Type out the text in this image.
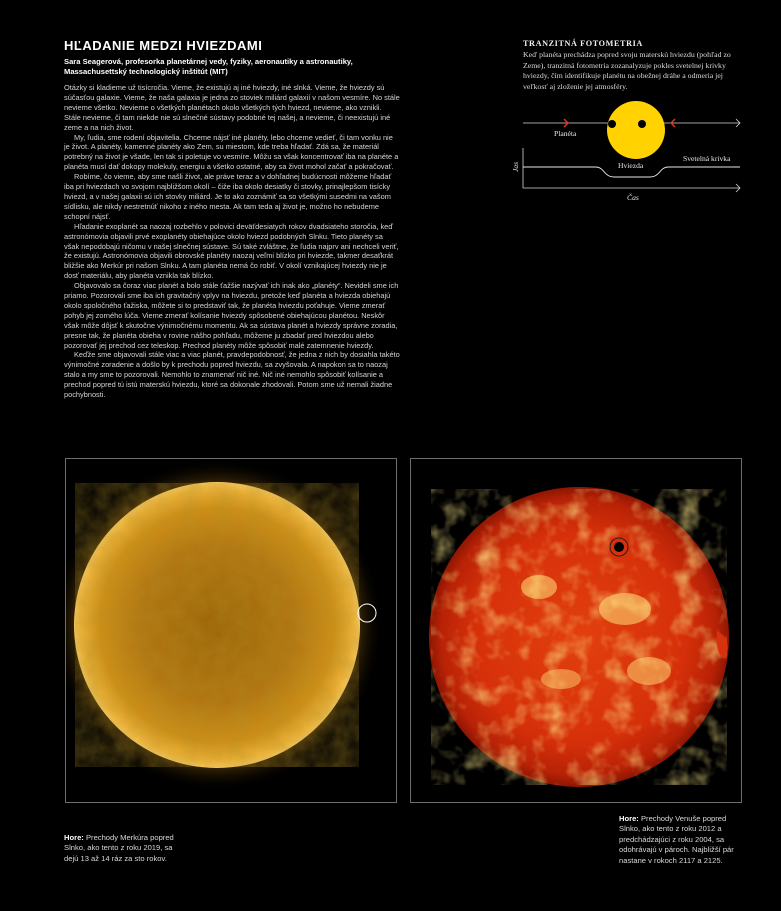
HĽADANIE MEDZI HVIEZDAMI
Sara Seagerová, profesorka planetárnej vedy, fyziky, aeronautiky a astronautiky, Massachusettský technologický inštitút (MIT)

Otázky si kladieme už tisícročia. Vieme, že existujú aj iné hviezdy, iné slnká. Vieme, že hviezdy sú súčasťou galaxie. Vieme, že naša galaxia je jedna zo stoviek miliárd galaxií v našom vesmíre. No stále nevieme všetko. Nevieme o všetkých planétach okolo všetkých tých hviezd, nevieme, ako vznikli. Stále nevieme, či tam niekde nie sú slnečné sústavy podobné tej našej, a nevieme, či neexistujú iné zeme a na nich život.

My, ľudia, sme rodení objavitelia. Chceme nájsť iné planéty, lebo chceme vedieť, či tam vonku nie je život. A planéty, kamenné planéty ako Zem, su miestom, kde treba hľadať. Zdá sa, že materiál potrebný na život je všade, len tak si poletuje vo vesmíre. Môžu sa však koncentrovať iba na planéte a planéta musí dať dokopy molekuly, energiu a všetko ostatné, aby sa život mohol začať a pokračovať.

Robíme, čo vieme, aby sme našli život, ale práve teraz a v dohľadnej budúcnosti môžeme hľadať iba pri hviezdach vo svojom najbližšom okolí – čiže iba okolo desiatky či stovky, prinajlepšom tisícky hviezd, a v našej galaxii sú ich stovky miliárd. Je to ako zoznámiť sa so všetkými susedmi na vašom sídlisku, ale nikdy nestretnúť nikoho z iného mesta. Ak tam teda aj život je, možno ho nebudeme schopní nájsť.

Hľadanie exoplanét sa naozaj rozbehlo v polovici deväťdesiatych rokov dvadsiateho storočia, keď astronómovia objavili prvé exoplanéty obiehajúce okolo hviezd podobných Slnku. Tieto planéty sa však nepodobajú ničomu v našej slnečnej sústave. Sú také zvláštne, že ľudia najprv ani nechceli veriť, že existujú. Astronómovia objavili obrovské planéty naozaj veľmi blízko pri hviezde, takmer desaťkrát bližšie ako Merkúr pri našom Slnku. A tam planéta nemá čo robiť. V okolí vznikajúcej hviezdy nie je dosť materiálu, aby planéta vznikla tak blízko.

Objavovalo sa čoraz viac planét a bolo stále ťažšie nazývať ich inak ako „planéty“. Nevideli sme ich priamo. Pozorovali sme iba ich gravitačný vplyv na hviezdu, pretože keď planéta a hviezda obiehajú okolo spoločného ťažiska, môžete si to predstaviť tak, že planéta hviezdu poťahuje. Vieme zmerať pohyb jej zorného lúča. Vieme zmerať kolísanie hviezdy spôsobené obiehajúcou planétou. Neskôr však môže dôjsť k skutočne výnimočnému momentu. Ak sa sústava planét a hviezdy správne zoradia, presne tak, že planéta obieha v rovine nášho pohľadu, môžeme ju zbadať pred hviezdou alebo pozorovať jej prechod cez teleskop. Prechod planéty môže spôsobiť malé zatemnenie hviezdy.

Keďže sme objavovali stále viac a viac planét, pravdepodobnosť, že jedna z nich by dosiahla takéto výnimočné zoradenie a došlo by k prechodu popred hviezdu, sa zvyšovala. A napokon sa to naozaj stalo a my sme to pozorovali. Nemohlo to znamenať nič iné. Nič iné nemohlo spôsobiť kolísanie a prechod popred tú istú materskú hviezdu, ktoré sa dokonale zhodovali. Potom sme už nemali žiadne pochybnosti.

TRANZITNÁ FOTOMETRIA
Keď planéta prechádza popred svoju materskú hviezdu (pohľad zo Zeme), tranzitná fotometria zozanalyzuje pokles svetelnej krivky hviezdy, čím identifikuje planétu na obežnej dráhe a odmeria jej veľkosť aj zloženie jej atmosféry.
Planéta
Hviezda
Svetelná krivka
Jas
Čas
Hore: Prechody Merkúra popred Slnko, ako tento z roku 2019, sa dejú 13 až 14 ráz za sto rokov.
Hore: Prechody Venuše popred Slnko, ako tento z roku 2012 a predchádzajúci z roku 2004, sa odohrávajú v pároch. Najbližší pár nastane v rokoch 2117 a 2125.
